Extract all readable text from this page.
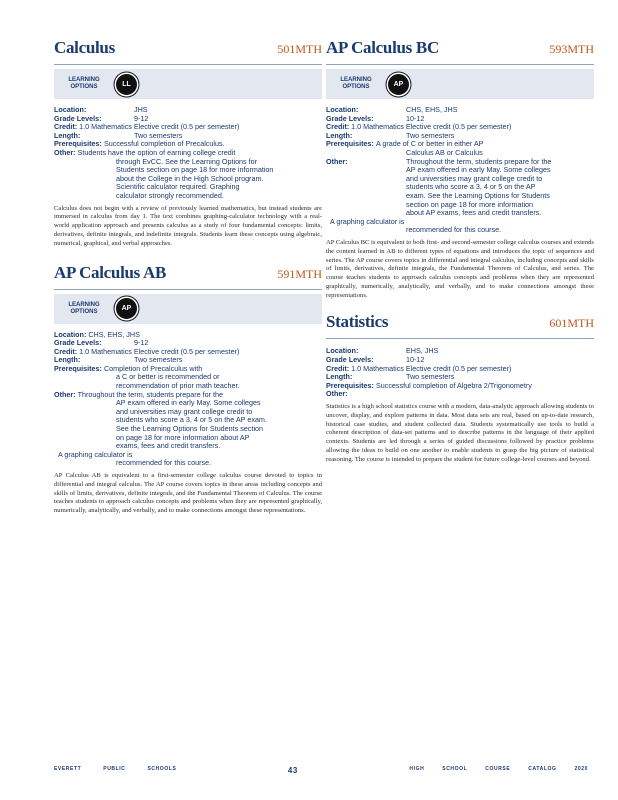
Calculus	501MTH
LEARNING
OPTIONS	LL
Location:	JHS
Grade Levels:	9-12
Credit:
1.0 Mathematics Elective credit (0.5 per semester)
Length:	Two semesters
Prerequisites:
Successful completion of Precalculus.
Other:
Students have the option of earning college credit
through EvCC. See the Learning Options for
Students section on page 18 for more information
about the College in the High School program.
Scientific calculator required. Graphing
calculator strongly recommended.
Calculus does not begin with a review of previously learned mathematics, but instead students are immersed in calculus from day 1. The text combines graphing-calculator technology with a real-world application approach and presents calculus as a study of four fundamental concepts: limits, derivatives, definite integrals, and indefinite integrals. Students learn these concepts using algebraic, numerical, graphical, and verbal approaches.
AP Calculus AB	591MTH
LEARNING
OPTIONS	AP
Location:
CHS, EHS, JHS
Grade Levels:	9-12
Credit:
1.0 Mathematics Elective credit (0.5 per semester)
Length:	Two semesters
Prerequisites:
Completion of Precalculus with
a C or better is recommended or
recommendation of prior math teacher.
Other:
Throughout the term, students prepare for the
AP exam offered in early May. Some colleges
and universities may grant college credit to
students who score a 3, 4 or 5 on the AP exam.
See the Learning Options for Students section
on page 18 for more information about AP
exams, fees and credit transfers.
A graphing calculator is
recommended for this course.
AP Calculus AB is equivalent to a first-semester college calculus course devoted to topics in differential and integral calculus. The AP course covers topics in these areas including concepts and skills of limits, derivatives, definite integrals, and the Fundamental Theorem of Calculus. The course teaches students to approach calculus concepts and problems when they are represented graphically, numerically, analytically, and verbally, and to make connections amongst these representations.
AP Calculus BC	593MTH
LEARNING
OPTIONS	AP
Location:	CHS, EHS, JHS
Grade Levels:	10-12
Credit:
1.0 Mathematics Elective credit (0.5 per semester)
Length:	Two semesters
Prerequisites:
A grade of C or better in either AP
Calculus AB or Calculus
Other:	Throughout the term, students prepare for the
AP exam offered in early May. Some colleges
and universities may grant college credit to
students who score a 3, 4 or 5 on the AP
exam. See the Learning Options for Students
section on page 18 for more information
about AP exams, fees and credit transfers.
A graphing calculator is
recommended for this course.
AP Calculus BC is equivalent to both first- and second-semester college calculus courses and extends the content learned in AB to different types of equations and introduces the topic of sequences and series. The AP course covers topics in differential and integral calculus, including concepts and skills of limits, derivatives, definite integrals, the Fundamental Theorem of Calculus, and series. The course teaches students to approach calculus concepts and problems when they are represented graphically, numerically, analytically, and verbally, and to make connections amongst these representations.
Statistics	601MTH
Location:	EHS, JHS
Grade Levels:	10-12
Credit:
1.0 Mathematics Elective credit (0.5 per semester)
Length:	Two semesters
Prerequisites:
Successful completion of Algebra 2/Trigonometry
Other:
Statistics is a high school statistics course with a modern, data-analytic approach allowing students to uncover, display, and explore patterns in data. Most data sets are real, based on up-to-date research, historical case studies, and student collected data. Students systematically use tools to build a coherent description of data-set patterns and to describe patterns in the language of their applied contexts. Students are led through a series of guided discussions followed by practice problems allowing the ideas to build on one another to enable students to grasp the big picture of statistical reasoning. The course is intended to prepare the student for future college-level courses and beyond.
EVERETT	PUBLIC	SCHOOLS	43	HIGH	SCHOOL	COURSE	CATALOG	2020
